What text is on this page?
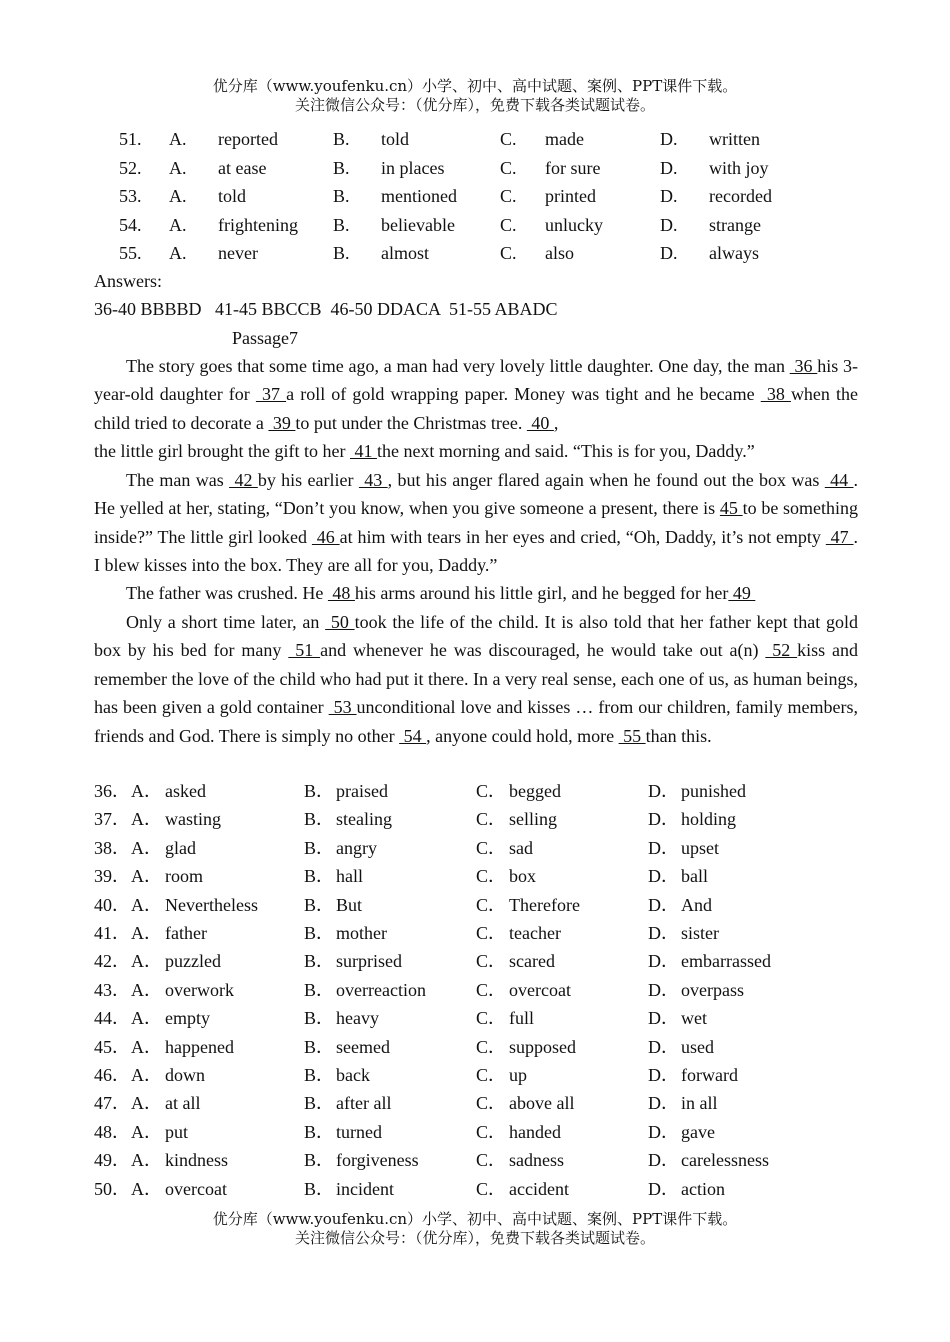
优分库（www.youfenku.cn）小学、初中、高中试题、案例、PPT课件下载。
关注微信公众号：（优分库），免费下载各类试题试卷。
51. A. reported	B. told	C. made	D. written
52. A. at ease	B. in places	C. for sure	D. with joy
53. A. told	B. mentioned C. printed	D. recorded
54. A. frightening B. believable	C. unlucky	D. strange
55. A. never	B. almost	C. also	D. always
Answers:
36-40 BBBBD   41-45 BBCCB  46-50 DDACA  51-55 ABADC
Passage7
The story goes that some time ago, a man had very lovely little daughter. One day, the man  36 his 3-year-old daughter for  37 a roll of gold wrapping paper. Money was tight and he became  38 when the child tried to decorate a  39 to put under the Christmas tree.  40 ,
the little girl brought the gift to her  41 the next morning and said. “This is for you, Daddy.”
The man was  42 by his earlier  43 , but his anger flared again when he found out the box was  44 . He yelled at her, stating, “Don’t you know, when you give someone a present, there is 45 to be something inside?” The little girl looked  46 at him with tears in her eyes and cried, “Oh, Daddy, it’s not empty  47 . I blew kisses into the box. They are all for you, Daddy.”
The father was crushed. He  48 his arms around his little girl, and he begged for her 49
Only a short time later, an  50 took the life of the child. It is also told that her father kept that gold box by his bed for many  51 and whenever he was discouraged, he would take out a(n)  52 kiss and remember the love of the child who had put it there. In a very real sense, each one of us, as human beings, has been given a gold container  53 unconditional love and kisses … from our children, family members, friends and God. There is simply no other  54 , anyone could hold, more  55 than this.
36． A． asked	B． praised	C． begged	D． punished
37． A． wasting	B． stealing	C． selling	D． holding
38． A． glad	B． angry	C． sad	D． upset
39． A． room	B． hall	C． box	D． ball
40． A． Nevertheless	B． But	C． Therefore	D． And
41． A． father	B． mother	C． teacher	D． sister
42． A． puzzled	B． surprised	C． scared	D． embarrassed
43． A． overwork	B． overreaction	C． overcoat	D． overpass
44． A． empty	B． heavy	C． full	D． wet
45． A． happened	B． seemed	C． supposed	D． used
46． A． down	B． back	C． up	D． forward
47． A． at all	B． after all	C． above all	D． in all
48． A． put	B． turned	C． handed	D． gave
49． A． kindness	B． forgiveness	C． sadness	D． carelessness
50． A． overcoat	B． incident	C． accident	D． action
优分库（www.youfenku.cn）小学、初中、高中试题、案例、PPT课件下载。
关注微信公众号：（优分库），免费下载各类试题试卷。
